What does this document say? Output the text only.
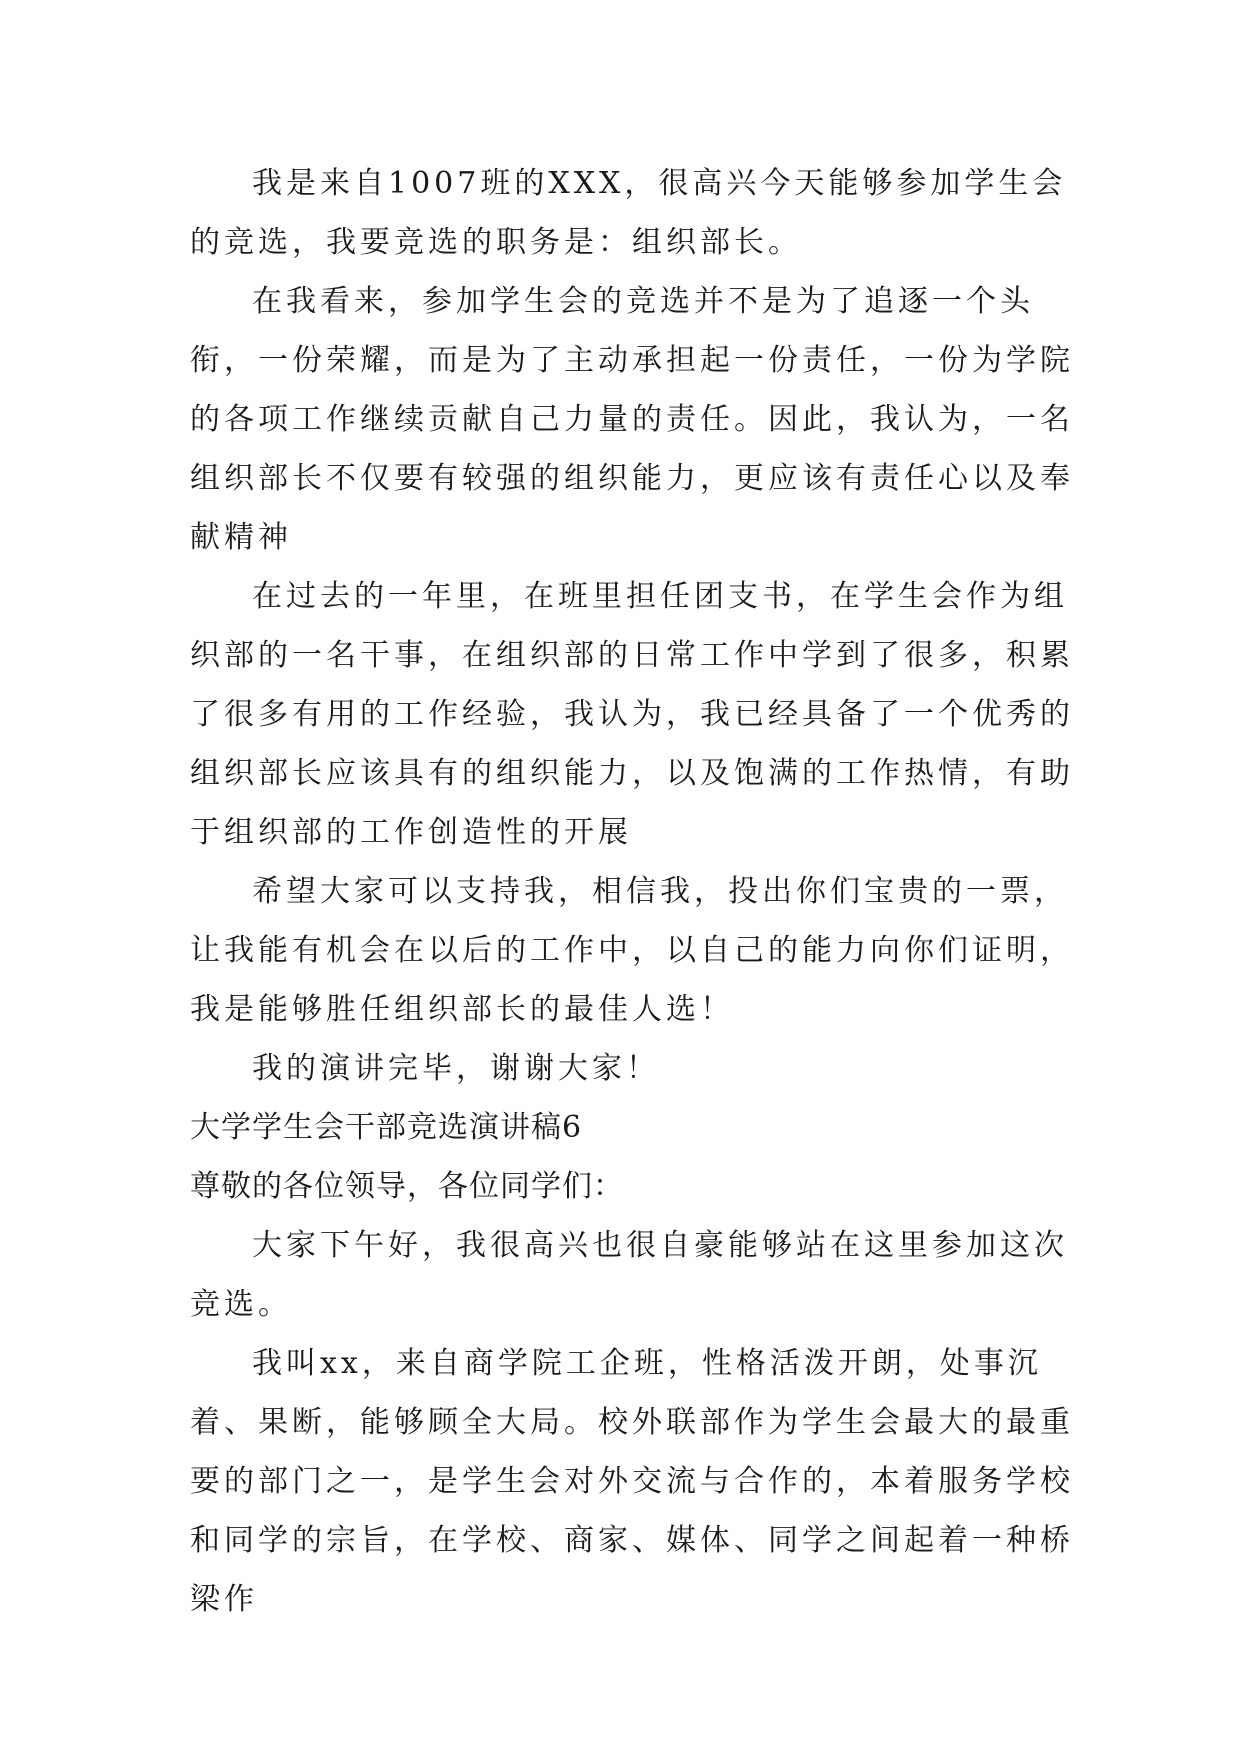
我是来自1007班的XXX，很高兴今天能够参加学生会的竞选，我要竞选的职务是：组织部长。

在我看来，参加学生会的竞选并不是为了追逐一个头衔，一份荣耀，而是为了主动承担起一份责任，一份为学院的各项工作继续贡献自己力量的责任。因此，我认为，一名组织部长不仅要有较强的组织能力，更应该有责任心以及奉献精神

在过去的一年里，在班里担任团支书，在学生会作为组织部的一名干事，在组织部的日常工作中学到了很多，积累了很多有用的工作经验，我认为，我已经具备了一个优秀的组织部长应该具有的组织能力，以及饱满的工作热情，有助于组织部的工作创造性的开展

希望大家可以支持我，相信我，投出你们宝贵的一票，让我能有机会在以后的工作中，以自己的能力向你们证明，我是能够胜任组织部长的最佳人选！

我的演讲完毕，谢谢大家！

大学学生会干部竞选演讲稿6

尊敬的各位领导，各位同学们：

大家下午好，我很高兴也很自豪能够站在这里参加这次竞选。

我叫xx，来自商学院工企班，性格活泼开朗，处事沉着、果断，能够顾全大局。校外联部作为学生会最大的最重要的部门之一，是学生会对外交流与合作的，本着服务学校和同学的宗旨，在学校、商家、媒体、同学之间起着一种桥梁作
